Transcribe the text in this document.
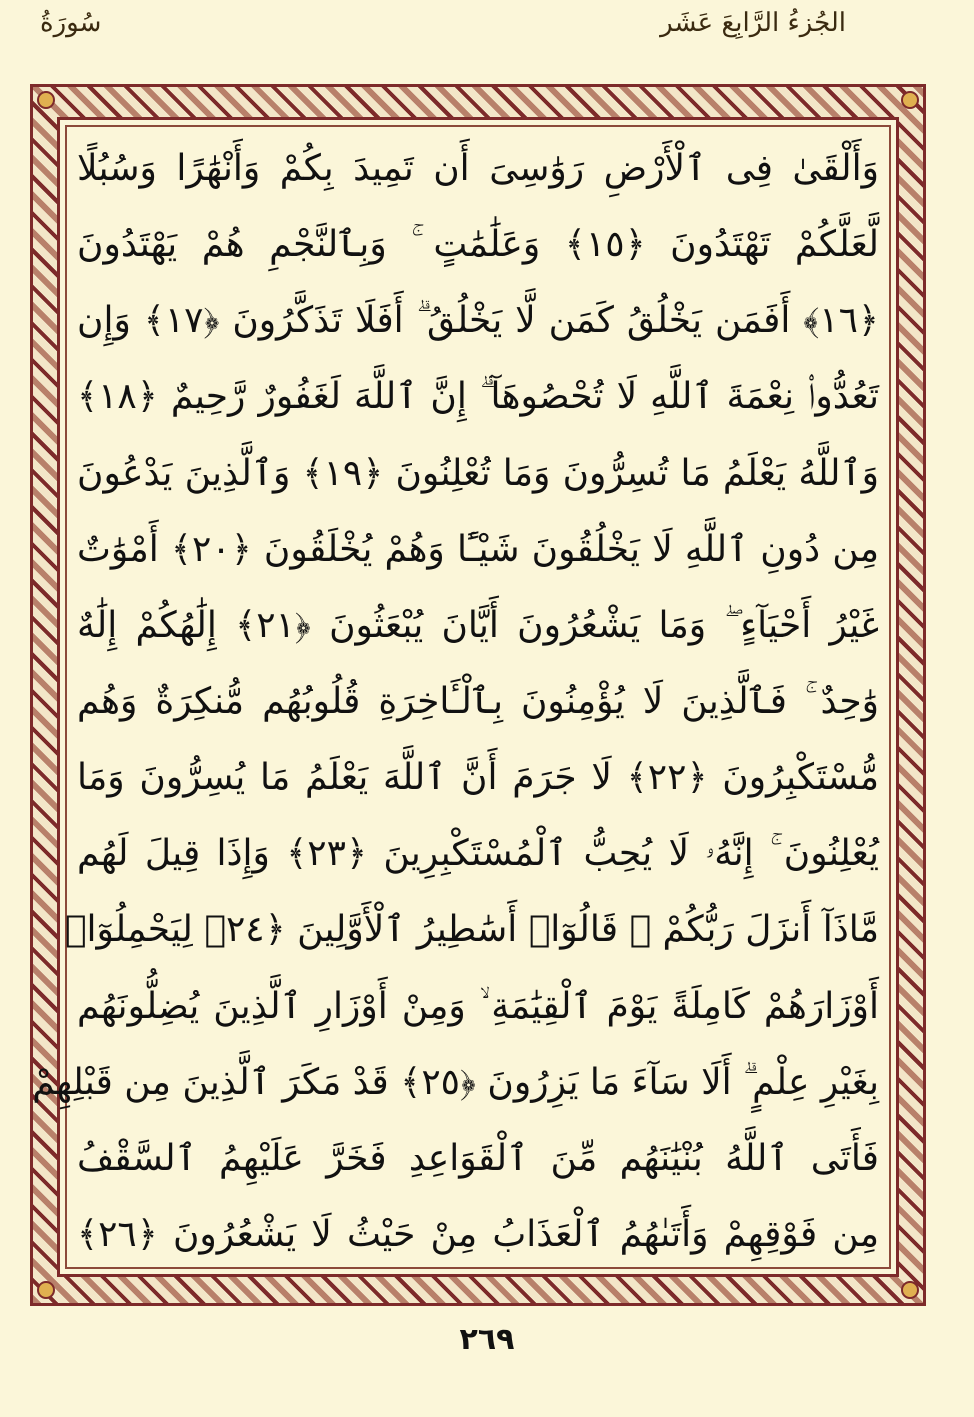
سُورَةُ	الجُزءُ الرَّابِعَ عَشَر
وَأَلْقَىٰ فِى ٱلْأَرْضِ رَوَٰسِىَ أَن تَمِيدَ بِكُمْ وَأَنْهَٰرًا وَسُبُلًا
لَّعَلَّكُمْ تَهْتَدُونَ ﴿١٥﴾ وَعَلَٰمَٰتٍ ۚ وَبِٱلنَّجْمِ هُمْ يَهْتَدُونَ
﴿١٦﴾ أَفَمَن يَخْلُقُ كَمَن لَّا يَخْلُقُ ۗ أَفَلَا تَذَكَّرُونَ ﴿١٧﴾ وَإِن
تَعُدُّوا۟ نِعْمَةَ ٱللَّهِ لَا تُحْصُوهَآ ۗ إِنَّ ٱللَّهَ لَغَفُورٌ رَّحِيمٌ ﴿١٨﴾
وَٱللَّهُ يَعْلَمُ مَا تُسِرُّونَ وَمَا تُعْلِنُونَ ﴿١٩﴾ وَٱلَّذِينَ يَدْعُونَ
مِن دُونِ ٱللَّهِ لَا يَخْلُقُونَ شَيْـًٔا وَهُمْ يُخْلَقُونَ ﴿٢٠﴾ أَمْوَٰتٌ
غَيْرُ أَحْيَآءٍ ۖ وَمَا يَشْعُرُونَ أَيَّانَ يُبْعَثُونَ ﴿٢١﴾ إِلَٰهُكُمْ إِلَٰهٌ
وَٰحِدٌ ۚ فَٱلَّذِينَ لَا يُؤْمِنُونَ بِٱلْـَٔاخِرَةِ قُلُوبُهُم مُّنكِرَةٌ وَهُم
مُّسْتَكْبِرُونَ ﴿٢٢﴾ لَا جَرَمَ أَنَّ ٱللَّهَ يَعْلَمُ مَا يُسِرُّونَ وَمَا
يُعْلِنُونَ ۚ إِنَّهُۥ لَا يُحِبُّ ٱلْمُسْتَكْبِرِينَ ﴿٢٣﴾ وَإِذَا قِيلَ لَهُم
مَّاذَآ أَنزَلَ رَبُّكُمْ ۙ قَالُوٓا۟ أَسَٰطِيرُ ٱلْأَوَّلِينَ ﴿٢٤﴾ لِيَحْمِلُوٓا۟
أَوْزَارَهُمْ كَامِلَةً يَوْمَ ٱلْقِيَٰمَةِ ۙ وَمِنْ أَوْزَارِ ٱلَّذِينَ يُضِلُّونَهُم
بِغَيْرِ عِلْمٍ ۗ أَلَا سَآءَ مَا يَزِرُونَ ﴿٢٥﴾ قَدْ مَكَرَ ٱلَّذِينَ مِن قَبْلِهِمْ
فَأَتَى ٱللَّهُ بُنْيَٰنَهُم مِّنَ ٱلْقَوَاعِدِ فَخَرَّ عَلَيْهِمُ ٱلسَّقْفُ
مِن فَوْقِهِمْ وَأَتَىٰهُمُ ٱلْعَذَابُ مِنْ حَيْثُ لَا يَشْعُرُونَ ﴿٢٦﴾
٢٦٩
